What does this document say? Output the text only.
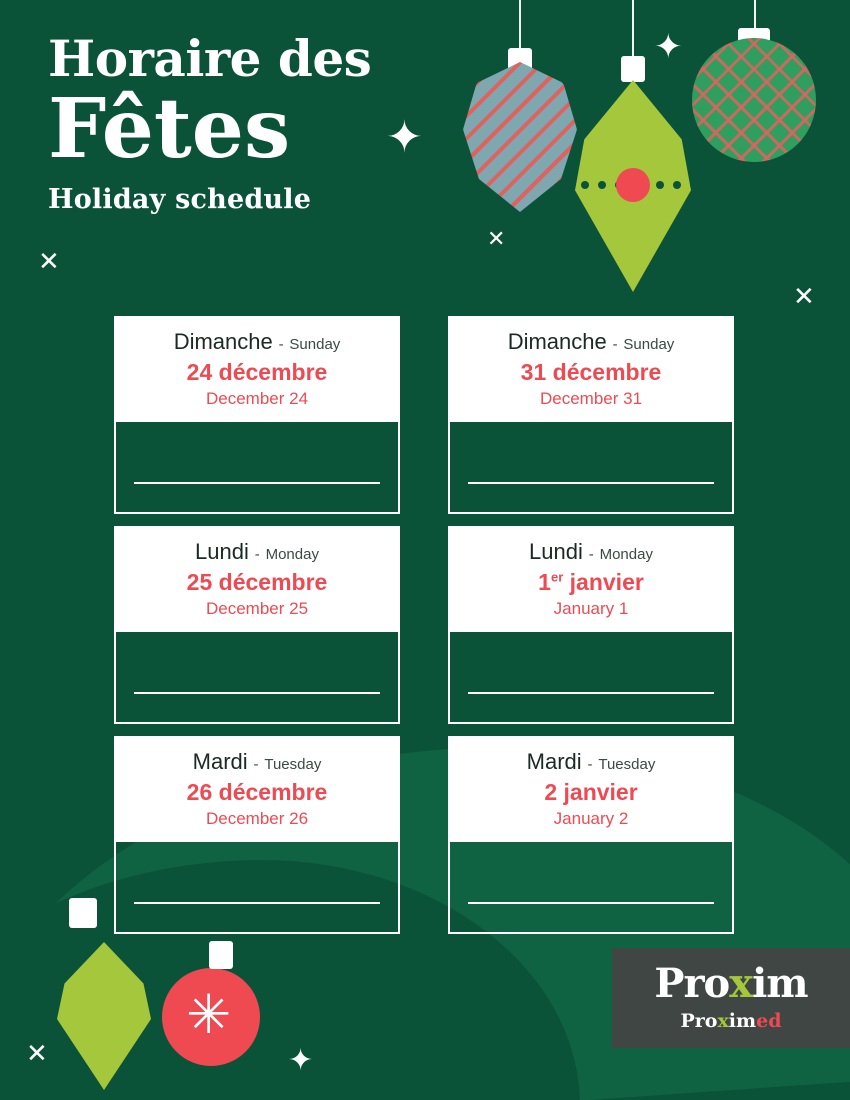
Horaire des
Fêtes
Holiday schedule
✦
✦
✦
✕
✕
✕
✕
✳
Dimanche - Sunday
24 décembre
December 24
Dimanche - Sunday
31 décembre
December 31
Lundi - Monday
25 décembre
December 25
Lundi - Monday
1er janvier
January 1
Mardi - Tuesday
26 décembre
December 26
Mardi - Tuesday
2 janvier
January 2
Proxim
Proximed
